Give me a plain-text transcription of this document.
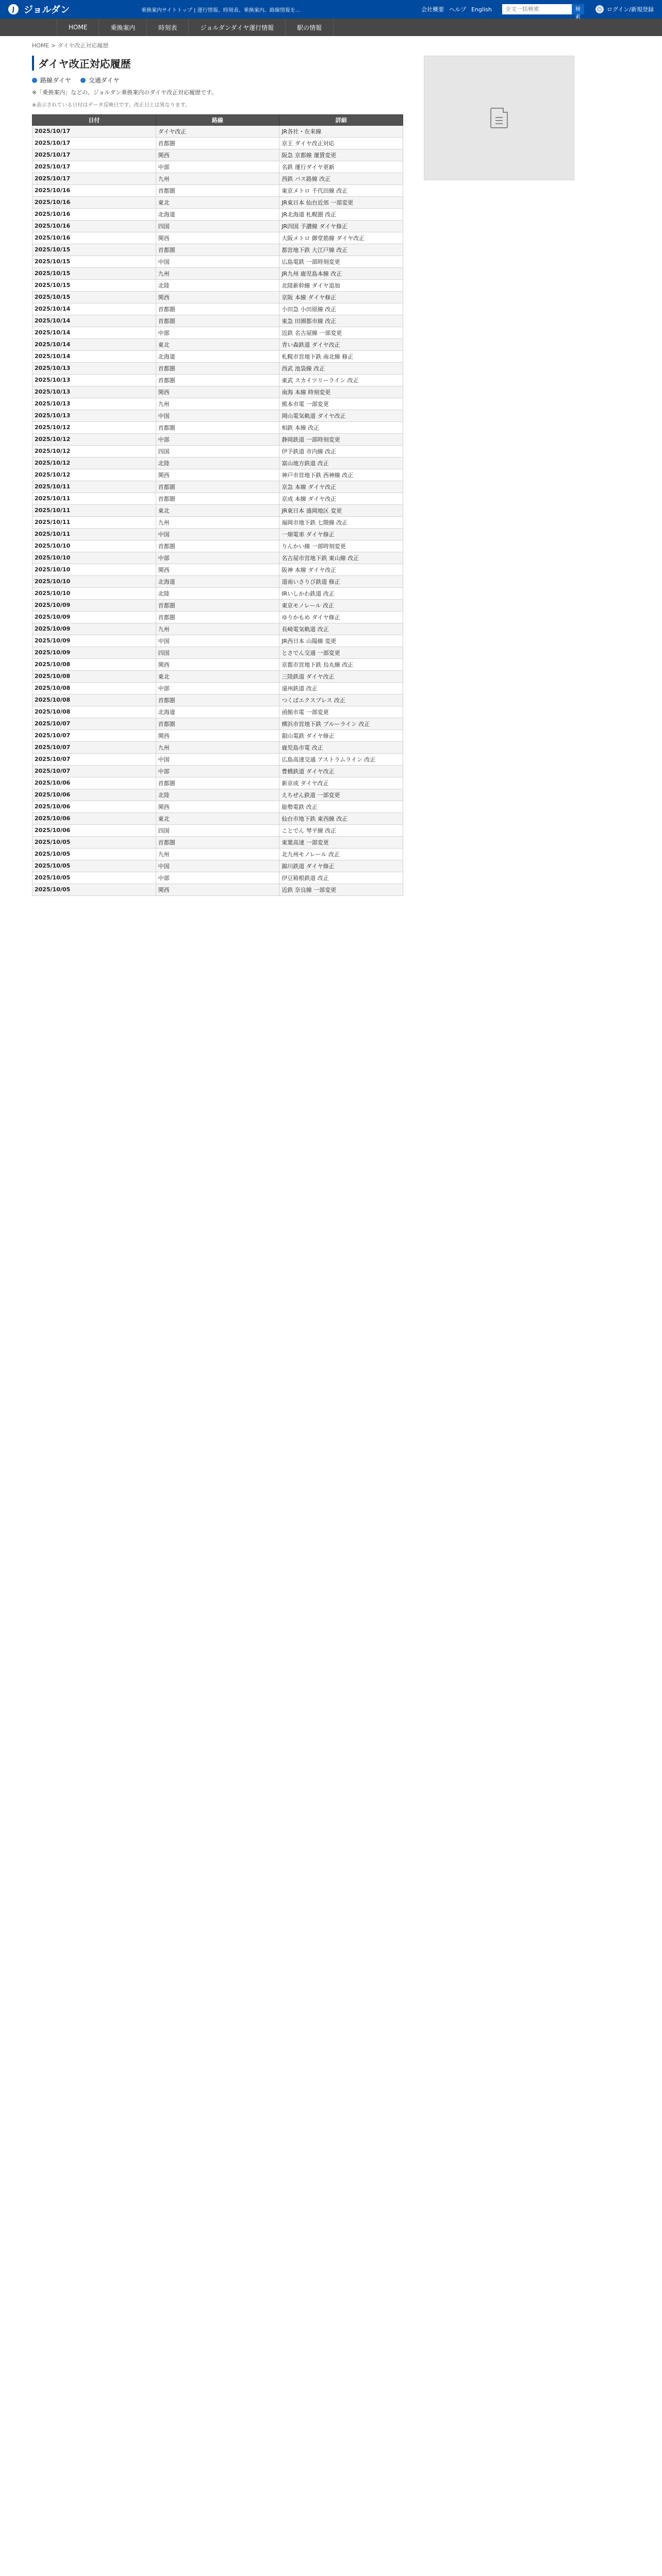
J ジョルダン	乗換案内サイトトップ | 運行情報、時刻表、乗換案内、路線情報を…	会社概要 ヘルプ English
全文一括検索	検索
○ ログイン/新規登録
HOME	乗換案内	時刻表	ジョルダンダイヤ運行情報	駅の情報
HOME > ダイヤ改正対応履歴
ダイヤ改正対応履歴
路線ダイヤ	交通ダイヤ
※「乗換案内」などの、ジョルダン乗換案内のダイヤ改正対応履歴です。
※表示されている日付はデータ反映日です。改正日とは異なります。
日付	路線	詳細
2025/10/17	ダイヤ改正	JR各社・在来線
2025/10/17	首都圏	京王 ダイヤ改正対応
2025/10/17	関西	阪急 京都線 運賃変更
2025/10/17	中部	名鉄 運行ダイヤ更新
2025/10/17	九州	西鉄 バス路線 改正
2025/10/16	首都圏	東京メトロ 千代田線 改正
2025/10/16	東北	JR東日本 仙台近郊 一部変更
2025/10/16	北海道	JR北海道 札幌圏 改正
2025/10/16	四国	JR四国 予讃線 ダイヤ修正
2025/10/16	関西	大阪メトロ 御堂筋線 ダイヤ改正
2025/10/15	首都圏	都営地下鉄 大江戸線 改正
2025/10/15	中国	広島電鉄 一部時刻変更
2025/10/15	九州	JR九州 鹿児島本線 改正
2025/10/15	北陸	北陸新幹線 ダイヤ追加
2025/10/15	関西	京阪 本線 ダイヤ修正
2025/10/14	首都圏	小田急 小田原線 改正
2025/10/14	首都圏	東急 田園都市線 改正
2025/10/14	中部	近鉄 名古屋線 一部変更
2025/10/14	東北	青い森鉄道 ダイヤ改正
2025/10/14	北海道	札幌市営地下鉄 南北線 修正
2025/10/13	首都圏	西武 池袋線 改正
2025/10/13	首都圏	東武 スカイツリーライン 改正
2025/10/13	関西	南海 本線 時刻変更
2025/10/13	九州	熊本市電 一部変更
2025/10/13	中国	岡山電気軌道 ダイヤ改正
2025/10/12	首都圏	相鉄 本線 改正
2025/10/12	中部	静岡鉄道 一部時刻変更
2025/10/12	四国	伊予鉄道 市内線 改正
2025/10/12	北陸	富山地方鉄道 改正
2025/10/12	関西	神戸市営地下鉄 西神線 改正
2025/10/11	首都圏	京急 本線 ダイヤ改正
2025/10/11	首都圏	京成 本線 ダイヤ改正
2025/10/11	東北	JR東日本 盛岡地区 変更
2025/10/11	九州	福岡市地下鉄 七隈線 改正
2025/10/11	中国	一畑電車 ダイヤ修正
2025/10/10	首都圏	りんかい線 一部時刻変更
2025/10/10	中部	名古屋市営地下鉄 東山線 改正
2025/10/10	関西	阪神 本線 ダイヤ改正
2025/10/10	北海道	道南いさりび鉄道 修正
2025/10/10	北陸	IRいしかわ鉄道 改正
2025/10/09	首都圏	東京モノレール 改正
2025/10/09	首都圏	ゆりかもめ ダイヤ修正
2025/10/09	九州	長崎電気軌道 改正
2025/10/09	中国	JR西日本 山陽線 変更
2025/10/09	四国	とさでん交通 一部変更
2025/10/08	関西	京都市営地下鉄 烏丸線 改正
2025/10/08	東北	三陸鉄道 ダイヤ改正
2025/10/08	中部	遠州鉄道 改正
2025/10/08	首都圏	つくばエクスプレス 改正
2025/10/08	北海道	函館市電 一部変更
2025/10/07	首都圏	横浜市営地下鉄 ブルーライン 改正
2025/10/07	関西	叡山電鉄 ダイヤ修正
2025/10/07	九州	鹿児島市電 改正
2025/10/07	中国	広島高速交通 アストラムライン 改正
2025/10/07	中部	豊橋鉄道 ダイヤ改正
2025/10/06	首都圏	新京成 ダイヤ改正
2025/10/06	北陸	えちぜん鉄道 一部変更
2025/10/06	関西	能勢電鉄 改正
2025/10/06	東北	仙台市地下鉄 東西線 改正
2025/10/06	四国	ことでん 琴平線 改正
2025/10/05	首都圏	東葉高速 一部変更
2025/10/05	九州	北九州モノレール 改正
2025/10/05	中国	錦川鉄道 ダイヤ修正
2025/10/05	中部	伊豆箱根鉄道 改正
2025/10/05	関西	近鉄 奈良線 一部変更
